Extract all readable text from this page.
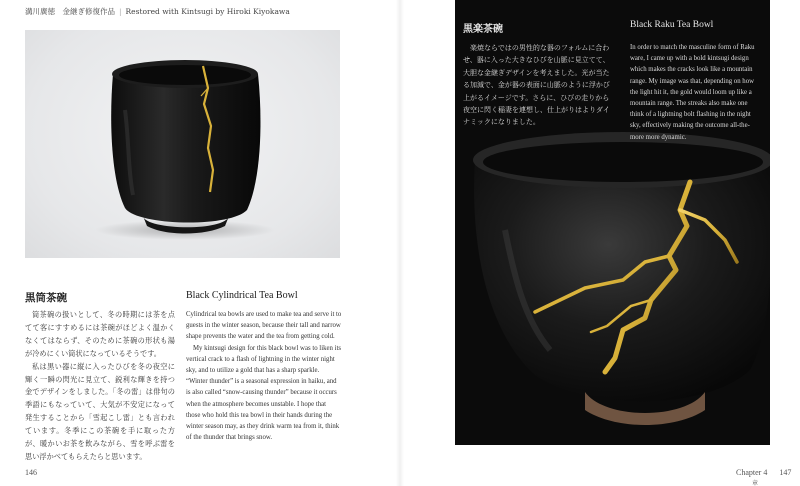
溝川廣徳　金継ぎ修復作品 | Restored with Kintsugi by Hiroki Kiyokawa
黒筒茶碗	Black Cylindrical Tea Bowl

筒茶碗の扱いとして、冬の時期には茶を点てて客にすすめるには茶碗がほどよく温かくなくてはならず、そのために茶碗の形状も湯が冷めにくい筒状になっているそうです。

私は黒い器に縦に入ったひびを冬の夜空に輝く一瞬の閃光に見立て、鋭利な輝きを持つ金でデザインをしました。「冬の雷」は俳句の季語にもなっていて、大気が不安定になって発生することから「雪起こし雷」とも言われています。冬季にこの茶碗を手に取った方が、暖かいお茶を飲みながら、雪を呼ぶ雷を思い浮かべてもらえたらと思います。

Cylindrical tea bowls are used to make tea and serve it to guests in the winter season, because their tall and narrow shape prevents the water and the tea from getting cold.

My kintsugi design for this black bowl was to liken its vertical crack to a flash of lightning in the winter night sky, and to utilize a gold that has a sharp sparkle. “Winter thunder” is a seasonal expression in haiku, and is also called “snow-causing thunder” because it occurs when the atmosphere becomes unstable. I hope that those who hold this tea bowl in their hands during the winter season may, as they drink warm tea from it, think of the thunder that brings snow.

146
黒楽茶碗	Black Raku Tea Bowl

楽焼ならではの男性的な器のフォルムに合わせ、器に入った大きなひびを山脈に見立てて、大胆な金継ぎデザインを考えました。光が当たる加減で、金が器の表面に山脈のように浮かび上がるイメージです。さらに、ひびの走りから夜空に閃く稲妻を連想し、仕上がりはよりダイナミックになりました。

In order to match the masculine form of Raku ware, I came up with a bold kintsugi design which makes the cracks look like a mountain range. My image was that, depending on how the light hit it, the gold would loom up like a mountain range. The streaks also make one think of a lightning bolt flashing in the night sky, effectively making the outcome all-the-more more dynamic.

Chapter 4 147
章
